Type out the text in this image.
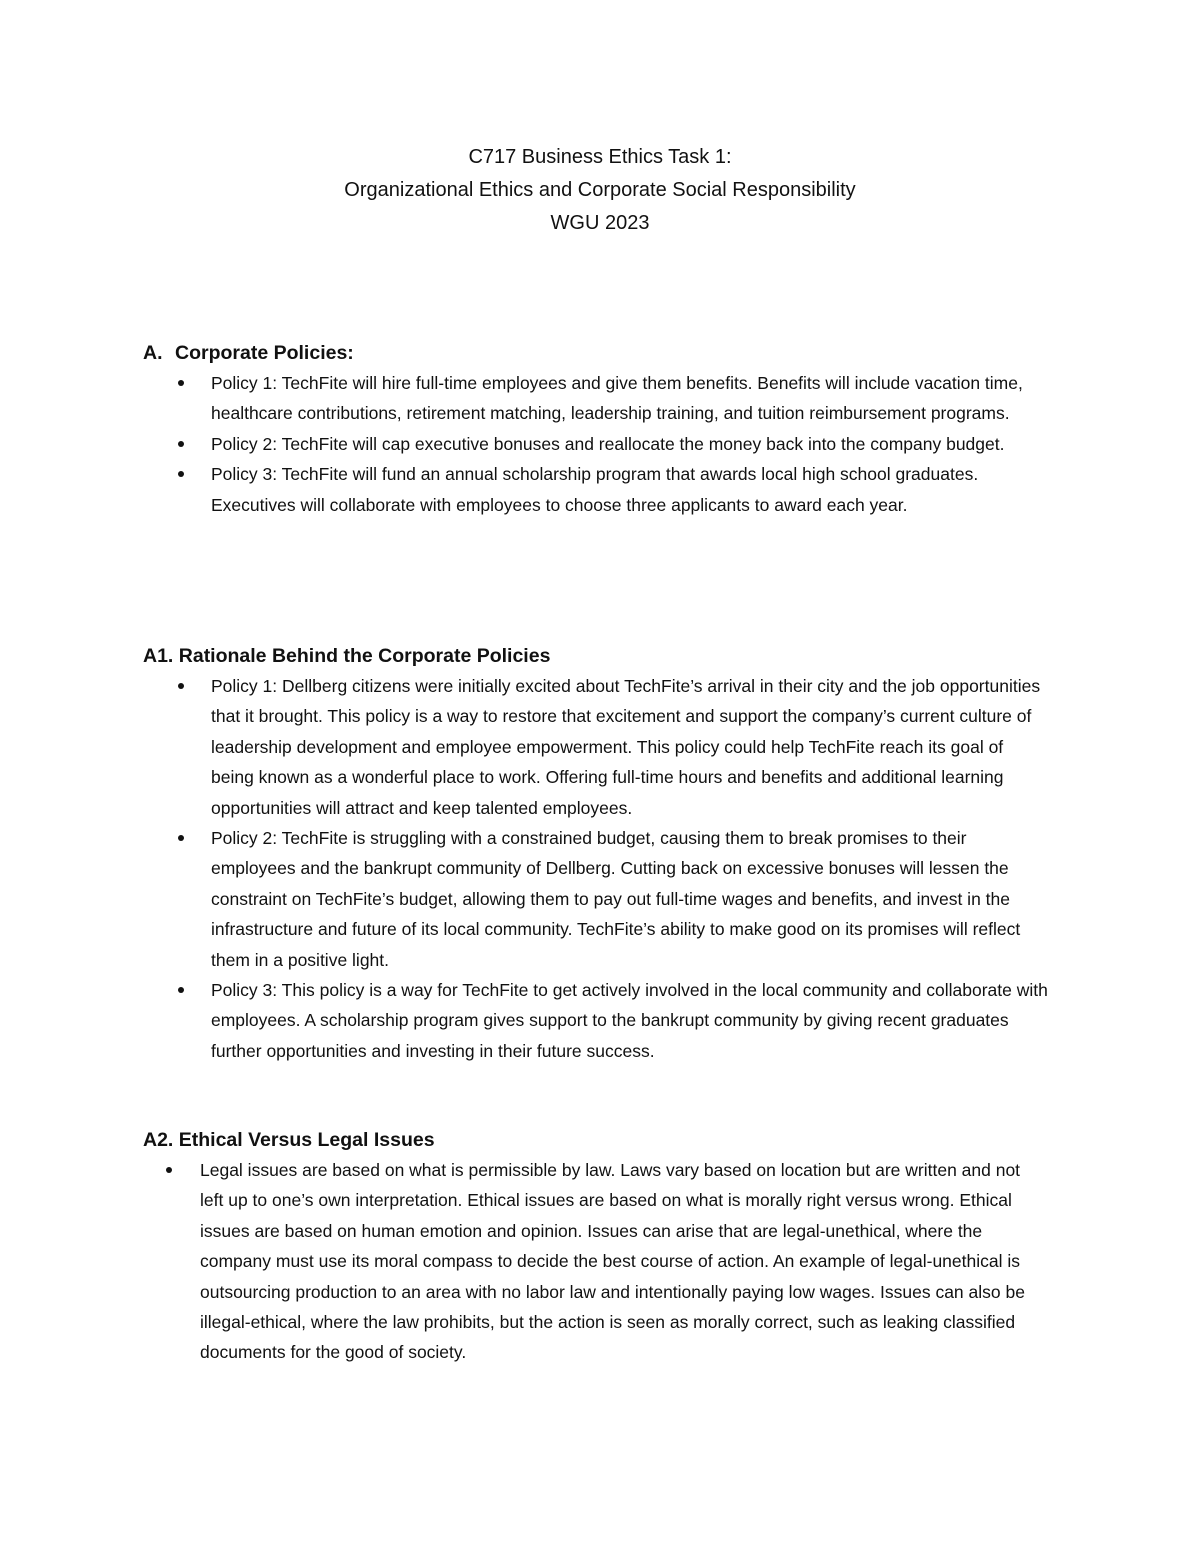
C717 Business Ethics Task 1:
Organizational Ethics and Corporate Social Responsibility
WGU 2023
A. Corporate Policies:
Policy 1: TechFite will hire full-time employees and give them benefits. Benefits will include vacation time, healthcare contributions, retirement matching, leadership training, and tuition reimbursement programs.
Policy 2: TechFite will cap executive bonuses and reallocate the money back into the company budget.
Policy 3: TechFite will fund an annual scholarship program that awards local high school graduates. Executives will collaborate with employees to choose three applicants to award each year.
A1. Rationale Behind the Corporate Policies
Policy 1: Dellberg citizens were initially excited about TechFite’s arrival in their city and the job opportunities that it brought. This policy is a way to restore that excitement and support the company’s current culture of leadership development and employee empowerment. This policy could help TechFite reach its goal of being known as a wonderful place to work. Offering full-time hours and benefits and additional learning opportunities will attract and keep talented employees.
Policy 2: TechFite is struggling with a constrained budget, causing them to break promises to their employees and the bankrupt community of Dellberg. Cutting back on excessive bonuses will lessen the constraint on TechFite’s budget, allowing them to pay out full-time wages and benefits, and invest in the infrastructure and future of its local community. TechFite’s ability to make good on its promises will reflect them in a positive light.
Policy 3: This policy is a way for TechFite to get actively involved in the local community and collaborate with employees. A scholarship program gives support to the bankrupt community by giving recent graduates further opportunities and investing in their future success.
A2. Ethical Versus Legal Issues
Legal issues are based on what is permissible by law. Laws vary based on location but are written and not left up to one’s own interpretation. Ethical issues are based on what is morally right versus wrong. Ethical issues are based on human emotion and opinion. Issues can arise that are legal-unethical, where the company must use its moral compass to decide the best course of action. An example of legal-unethical is outsourcing production to an area with no labor law and intentionally paying low wages. Issues can also be illegal-ethical, where the law prohibits, but the action is seen as morally correct, such as leaking classified documents for the good of society.
